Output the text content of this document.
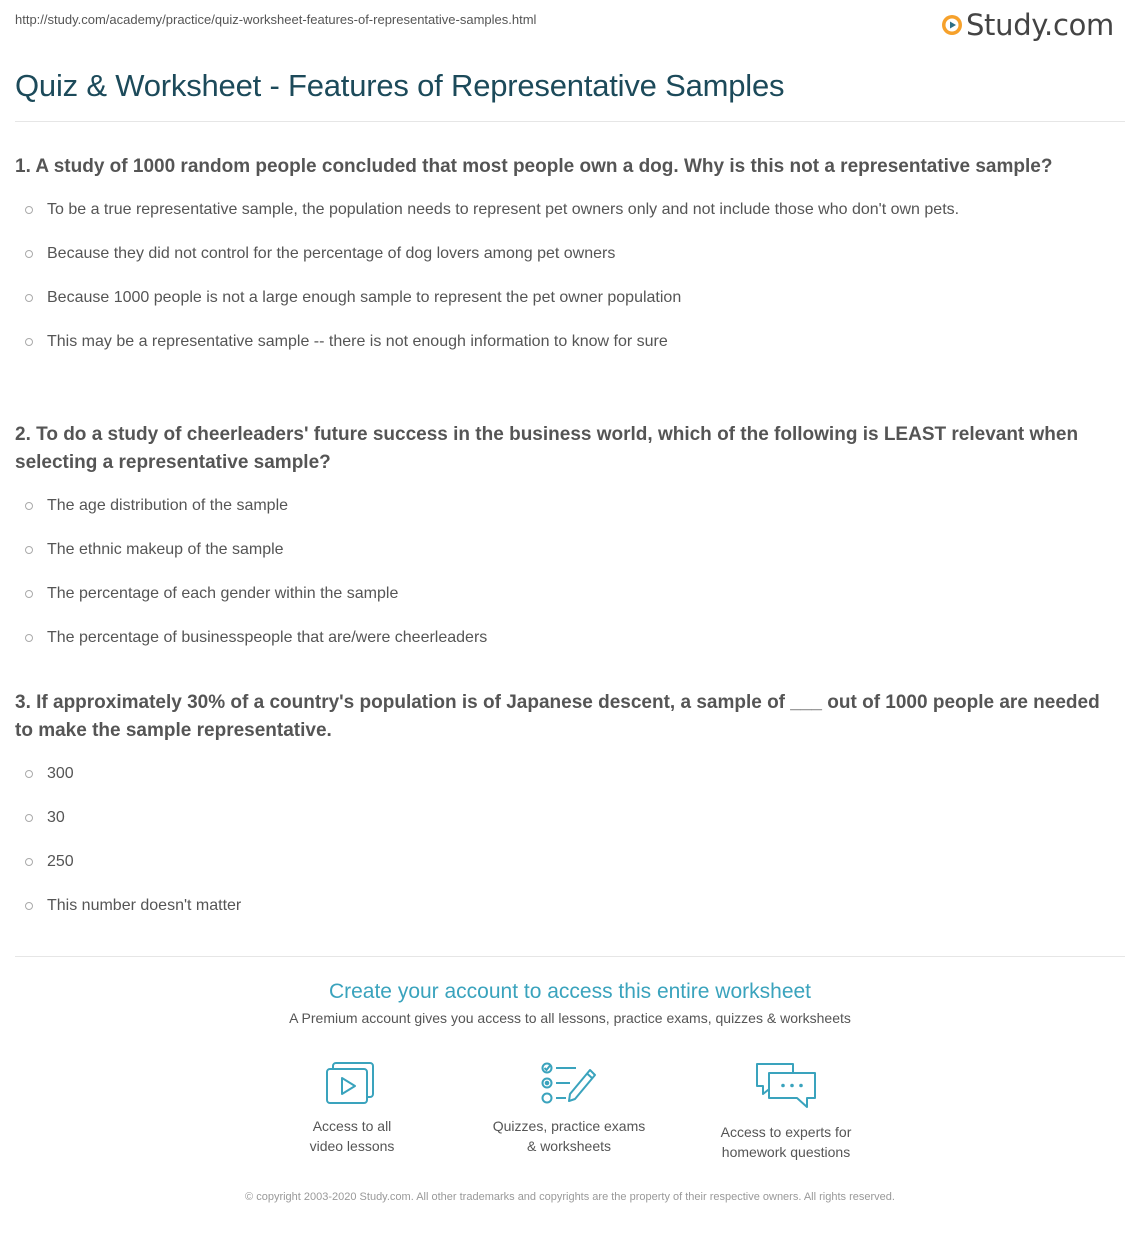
http://study.com/academy/practice/quiz-worksheet-features-of-representative-samples.html	Study.com
Quiz & Worksheet - Features of Representative Samples

1. A study of 1000 random people concluded that most people own a dog. Why is this not a representative sample?

To be a true representative sample, the population needs to represent pet owners only and not include those who don't own pets.
Because they did not control for the percentage of dog lovers among pet owners
Because 1000 people is not a large enough sample to represent the pet owner population
This may be a representative sample -- there is not enough information to know for sure

2. To do a study of cheerleaders' future success in the business world, which of the following is LEAST relevant when selecting a representative sample?

The age distribution of the sample
The ethnic makeup of the sample
The percentage of each gender within the sample
The percentage of businesspeople that are/were cheerleaders

3. If approximately 30% of a country's population is of Japanese descent, a sample of ___ out of 1000 people are needed to make the sample representative.

300
30
250
This number doesn't matter
Create your account to access this entire worksheet

A Premium account gives you access to all lessons, practice exams, quizzes & worksheets

Access to all
video lessons
Quizzes, practice exams
& worksheets
Access to experts for
homework questions
© copyright 2003-2020 Study.com. All other trademarks and copyrights are the property of their respective owners. All rights reserved.
